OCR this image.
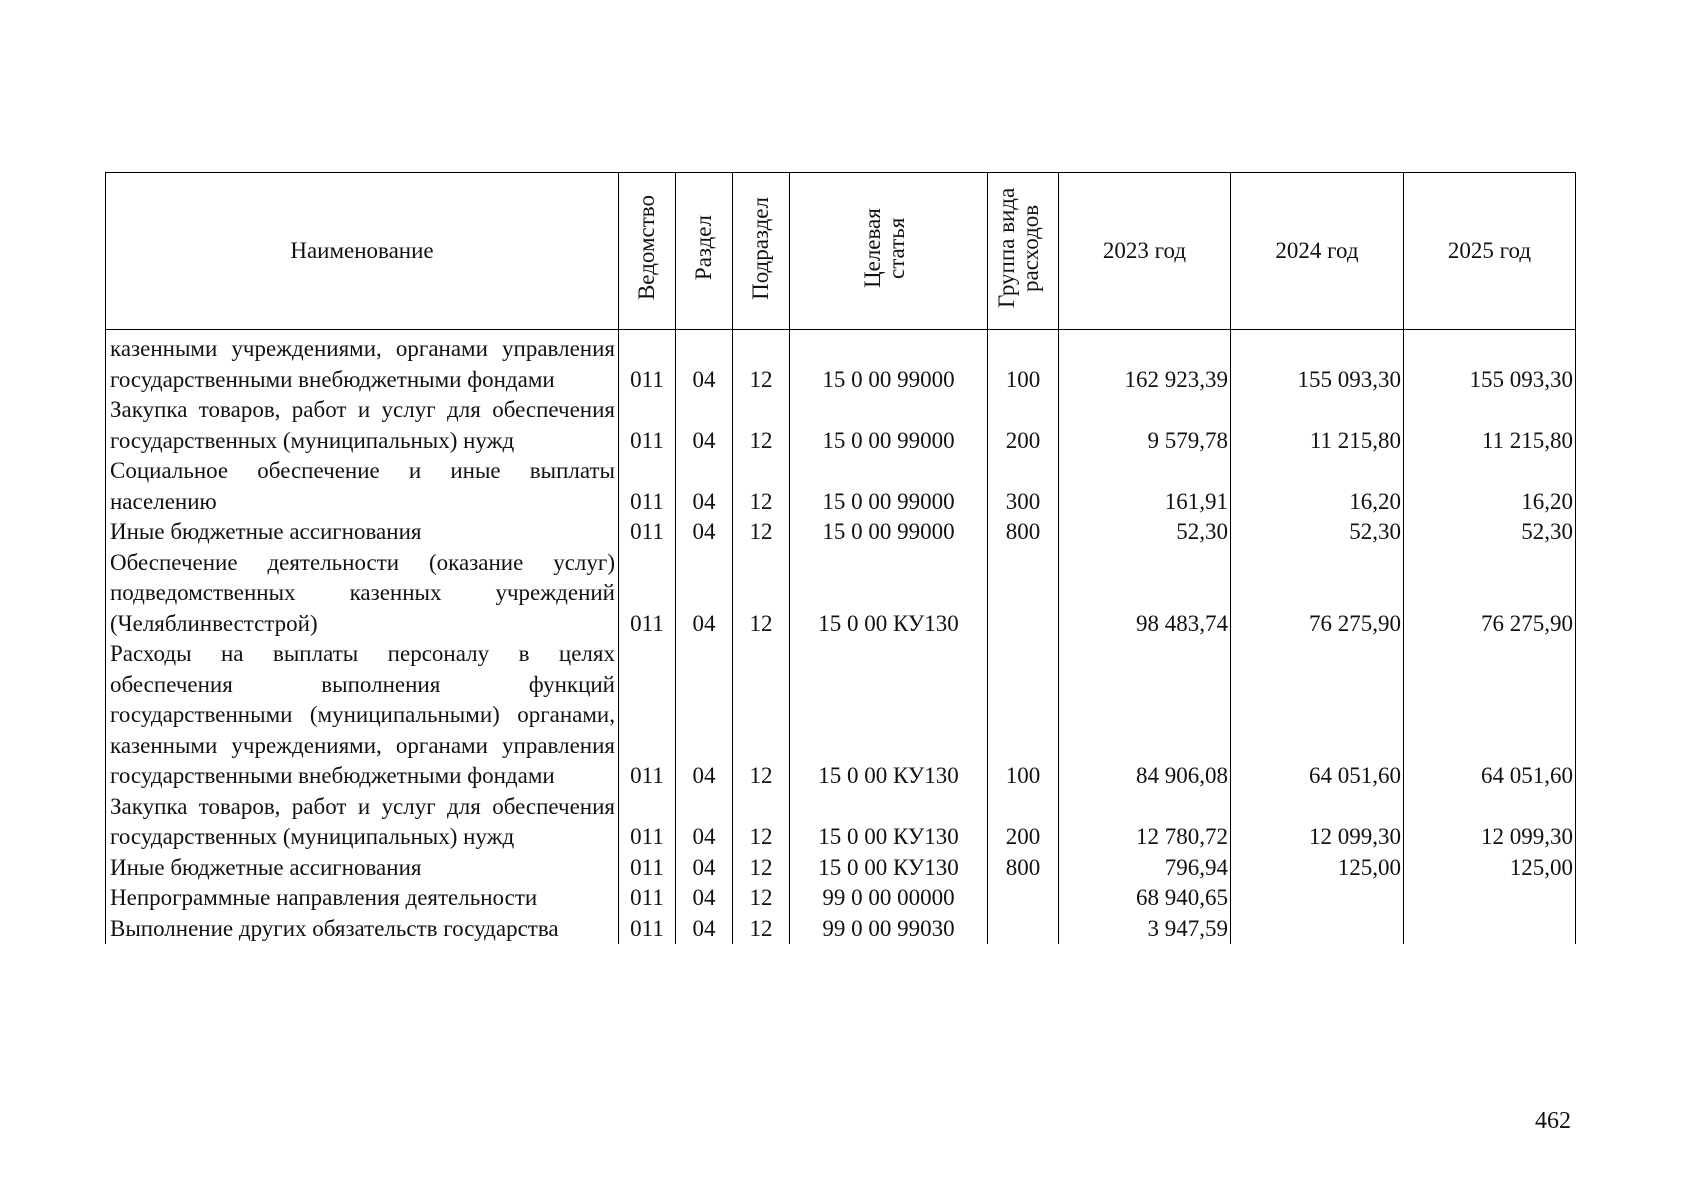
Наименование	Ведомство	Раздел	Подраздел	Целевая статья	Группа вида расходов	2023 год	2024 год	2025 год
казенными учреждениями, органами управления государственными внебюджетными фондами	011	04	12	15 0 00 99000	100	162 923,39	155 093,30	155 093,30
Закупка товаров, работ и услуг для обеспечения государственных (муниципальных) нужд	011	04	12	15 0 00 99000	200	9 579,78	11 215,80	11 215,80
Социальное обеспечение и иные выплаты населению	011	04	12	15 0 00 99000	300	161,91	16,20	16,20
Иные бюджетные ассигнования	011	04	12	15 0 00 99000	800	52,30	52,30	52,30
Обеспечение деятельности (оказание услуг) подведомственных казенных учреждений (Челяблинвестстрой)	011	04	12	15 0 00 КУ130		98 483,74	76 275,90	76 275,90
Расходы на выплаты персоналу в целях обеспечения выполнения функций государственными (муниципальными) органами, казенными учреждениями, органами управления государственными внебюджетными фондами	011	04	12	15 0 00 КУ130	100	84 906,08	64 051,60	64 051,60
Закупка товаров, работ и услуг для обеспечения государственных (муниципальных) нужд	011	04	12	15 0 00 КУ130	200	12 780,72	12 099,30	12 099,30
Иные бюджетные ассигнования	011	04	12	15 0 00 КУ130	800	796,94	125,00	125,00
Непрограммные направления деятельности	011	04	12	99 0 00 00000		68 940,65		
Выполнение других обязательств государства	011	04	12	99 0 00 99030		3 947,59		
462
